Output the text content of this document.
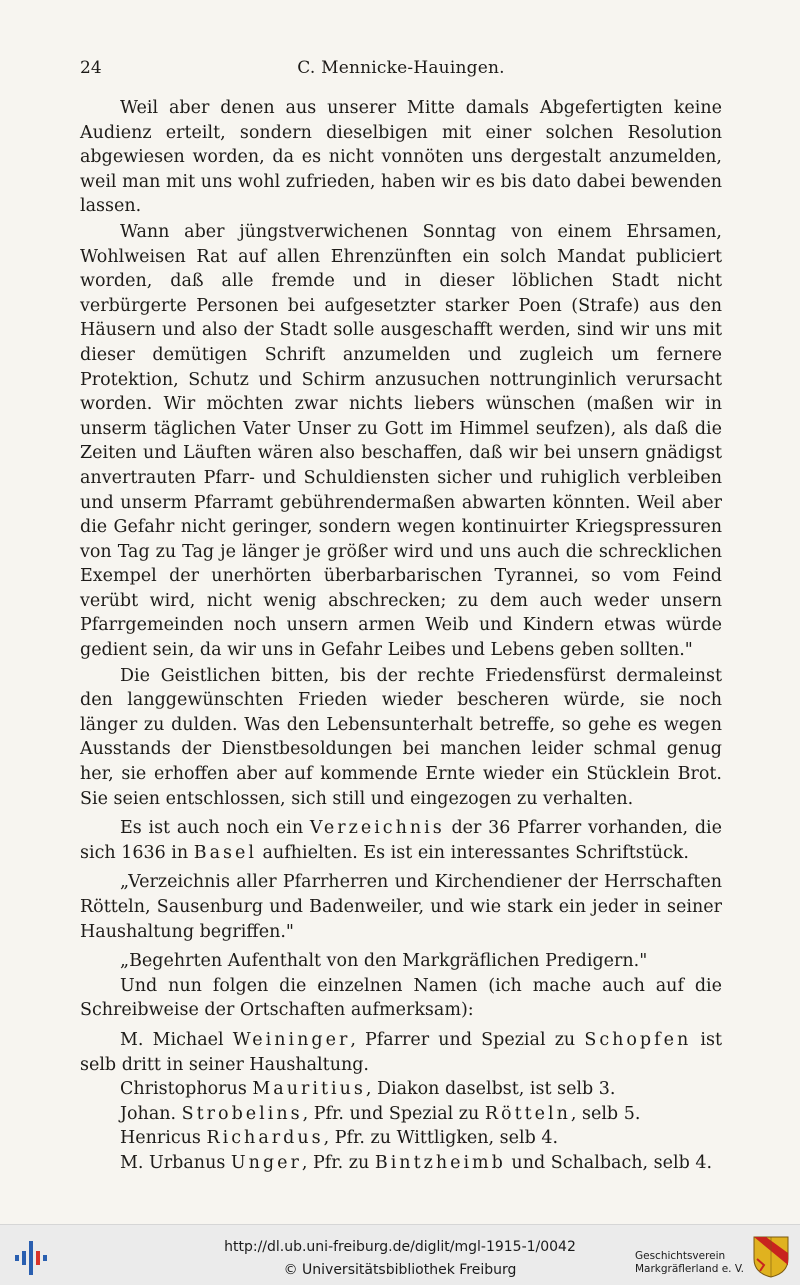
24	C. Mennicke-Hauingen.

Weil aber denen aus unserer Mitte damals Abgefertigten keine Audienz erteilt, sondern dieselbigen mit einer solchen Resolution abgewiesen worden, da es nicht vonnöten uns dergestalt anzumelden, weil man mit uns wohl zufrieden, haben wir es bis dato dabei bewenden lassen.

Wann aber jüngstverwichenen Sonntag von einem Ehrsamen, Wohlweisen Rat auf allen Ehrenzünften ein solch Mandat publiciert worden, daß alle fremde und in dieser löblichen Stadt nicht verbürgerte Personen bei aufgesetzter starker Poen (Strafe) aus den Häusern und also der Stadt solle ausgeschafft werden, sind wir uns mit dieser demütigen Schrift anzumelden und zugleich um fernere Protektion, Schutz und Schirm anzusuchen nottrunginlich verursacht worden. Wir möchten zwar nichts liebers wünschen (maßen wir in unserm täglichen Vater Unser zu Gott im Himmel seufzen), als daß die Zeiten und Läuften wären also beschaffen, daß wir bei unsern gnädigst anvertrauten Pfarr- und Schuldiensten sicher und ruhiglich verbleiben und unserm Pfarramt gebührendermaßen abwarten könnten. Weil aber die Gefahr nicht geringer, sondern wegen kontinuirter Kriegspressuren von Tag zu Tag je länger je größer wird und uns auch die schrecklichen Exempel der unerhörten überbarbarischen Tyrannei, so vom Feind verübt wird, nicht wenig abschrecken; zu dem auch weder unsern Pfarrgemeinden noch unsern armen Weib und Kindern etwas würde gedient sein, da wir uns in Gefahr Leibes und Lebens geben sollten."

Die Geistlichen bitten, bis der rechte Friedensfürst dermaleinst den langgewünschten Frieden wieder bescheren würde, sie noch länger zu dulden. Was den Lebensunterhalt betreffe, so gehe es wegen Ausstands der Dienstbesoldungen bei manchen leider schmal genug her, sie erhoffen aber auf kommende Ernte wieder ein Stücklein Brot. Sie seien entschlossen, sich still und eingezogen zu verhalten.

Es ist auch noch ein Verzeichnis der 36 Pfarrer vorhanden, die sich 1636 in Basel aufhielten. Es ist ein interessantes Schriftstück.

„Verzeichnis aller Pfarrherren und Kirchendiener der Herrschaften Rötteln, Sausenburg und Badenweiler, und wie stark ein jeder in seiner Haushaltung begriffen."

„Begehrten Aufenthalt von den Markgräflichen Predigern."

Und nun folgen die einzelnen Namen (ich mache auch auf die Schreibweise der Ortschaften aufmerksam):

M. Michael Weininger, Pfarrer und Spezial zu Schopfen ist selb dritt in seiner Haushaltung.

Christophorus Mauritius, Diakon daselbst, ist selb 3.

Johan. Strobelins, Pfr. und Spezial zu Rötteln, selb 5.

Henricus Richardus, Pfr. zu Wittligken, selb 4.

M. Urbanus Unger, Pfr. zu Bintzheimb und Schalbach, selb 4.

http://dl.ub.uni-freiburg.de/diglit/mgl-1915-1/0042
© Universitätsbibliothek Freiburg
Geschichtsverein
Markgräflerland e. V.
